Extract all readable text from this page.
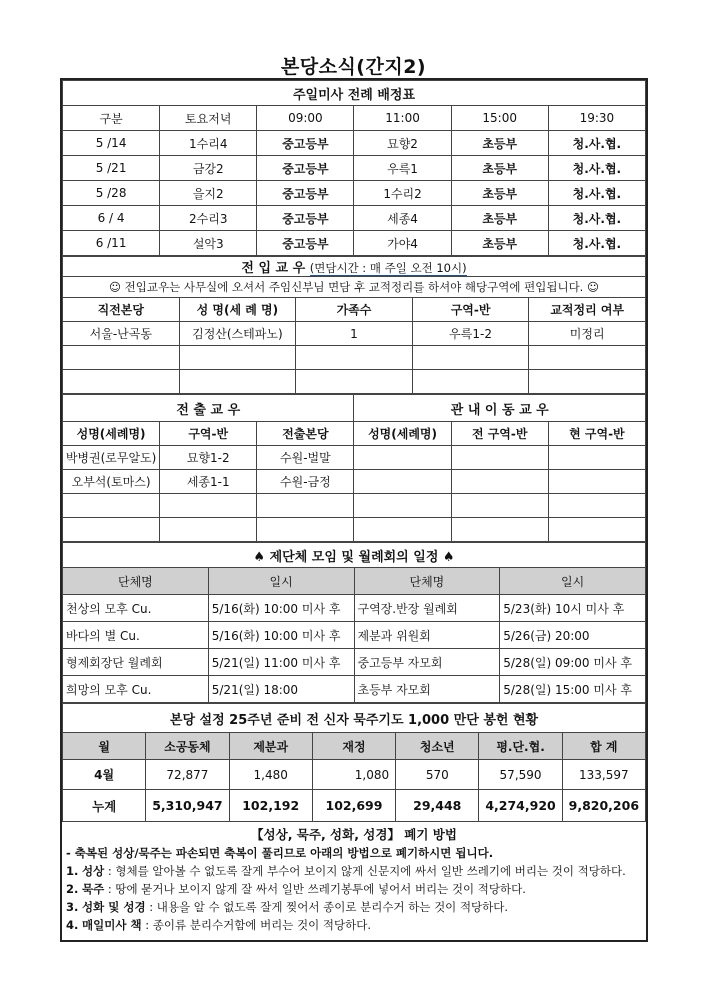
본당소식(간지2)
주일미사 전례 배정표					
구분	토요저녁	09:00	11:00	15:00	19:30
5 /14	1수리4	중고등부	묘향2	초등부	청.사.협.
5 /21	금강2	중고등부	우륵1	초등부	청.사.협.
5 /28	을지2	중고등부	1수리2	초등부	청.사.협.
6 / 4	2수리3	중고등부	세종4	초등부	청.사.협.
6 /11	설악3	중고등부	가야4	초등부	청.사.협.
전 입 교 우 (면담시간 : 매 주일 오전 10시)				
☺ 전입교우는 사무실에 오셔서 주임신부님 면담 후 교적정리를 하셔야 해당구역에 편입됩니다. ☺				
직전본당	성 명(세 례 명)	가족수	구역-반	교적정리 여부
서울-난곡동	김정산(스테파노)	1	우륵1-2	미정리

전 출 교 우			관 내 이 동 교 우		
성명(세례명)	구역-반	전출본당	성명(세례명)	전 구역-반	현 구역-반
박병권(로무알도)	묘향1-2	수원-벌말			
오부석(토마스)	세종1-1	수원-금정			

♠ 제단체 모임 및 월례회의 일정 ♠			
단체명	일시	단체명	일시
천상의 모후 Cu.	5/16(화) 10:00 미사 후	구역장.반장 월례회	5/23(화) 10시 미사 후
바다의 별 Cu.	5/16(화) 10:00 미사 후	제분과 위원회	5/26(금) 20:00
형제회장단 월례회	5/21(일) 11:00 미사 후	중고등부 자모회	5/28(일) 09:00 미사 후
희망의 모후 Cu.	5/21(일) 18:00	초등부 자모회	5/28(일) 15:00 미사 후
본당 설정 25주년 준비 전 신자 묵주기도 1,000 만단 봉헌 현황						
월	소공동체	제분과	재정	청소년	평.단.협.	합 계
4월	72,877	1,480	1,080	570	57,590	133,597
누계	5,310,947	102,192	102,699	29,448	4,274,920	9,820,206
【성상, 묵주, 성화, 성경】 폐기 방법
- 축복된 성상/묵주는 파손되면 축복이 풀리므로 아래의 방법으로 폐기하시면 됩니다.
1. 성상 : 형체를 알아볼 수 없도록 잘게 부수어 보이지 않게 신문지에 싸서 일반 쓰레기에 버리는 것이 적당하다.
2. 묵주 : 땅에 묻거나 보이지 않게 잘 싸서 일반 쓰레기봉투에 넣어서 버리는 것이 적당하다.
3. 성화 및 성경 : 내용을 알 수 없도록 잘게 찢어서 종이로 분리수거 하는 것이 적당하다.
4. 매일미사 책 : 종이류 분리수거함에 버리는 것이 적당하다.
